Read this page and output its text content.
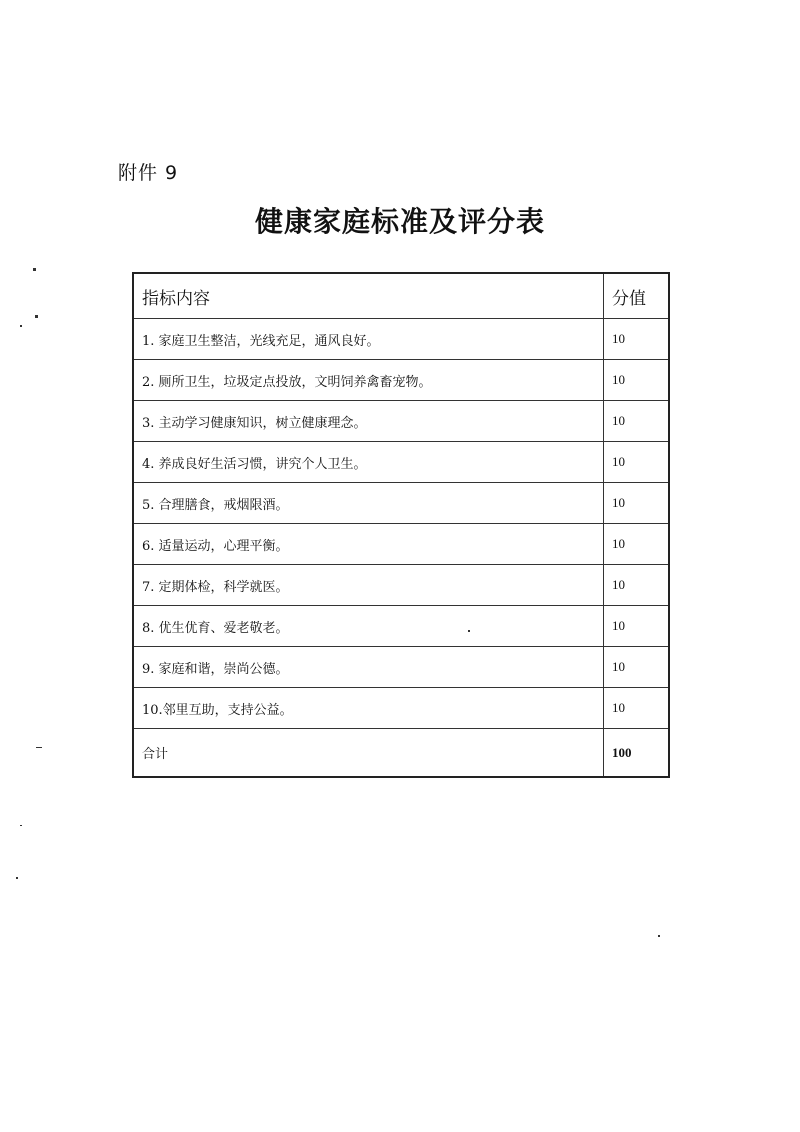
附件 9
健康家庭标准及评分表
指标内容	分值
1. 家庭卫生整洁，光线充足，通风良好。	10
2. 厕所卫生，垃圾定点投放，文明饲养禽畜宠物。	10
3. 主动学习健康知识，树立健康理念。	10
4. 养成良好生活习惯，讲究个人卫生。	10
5. 合理膳食，戒烟限酒。	10
6. 适量运动，心理平衡。	10
7. 定期体检，科学就医。	10
8. 优生优育、爱老敬老。	10
9. 家庭和谐，崇尚公德。	10
10.邻里互助，支持公益。	10
合计	100
